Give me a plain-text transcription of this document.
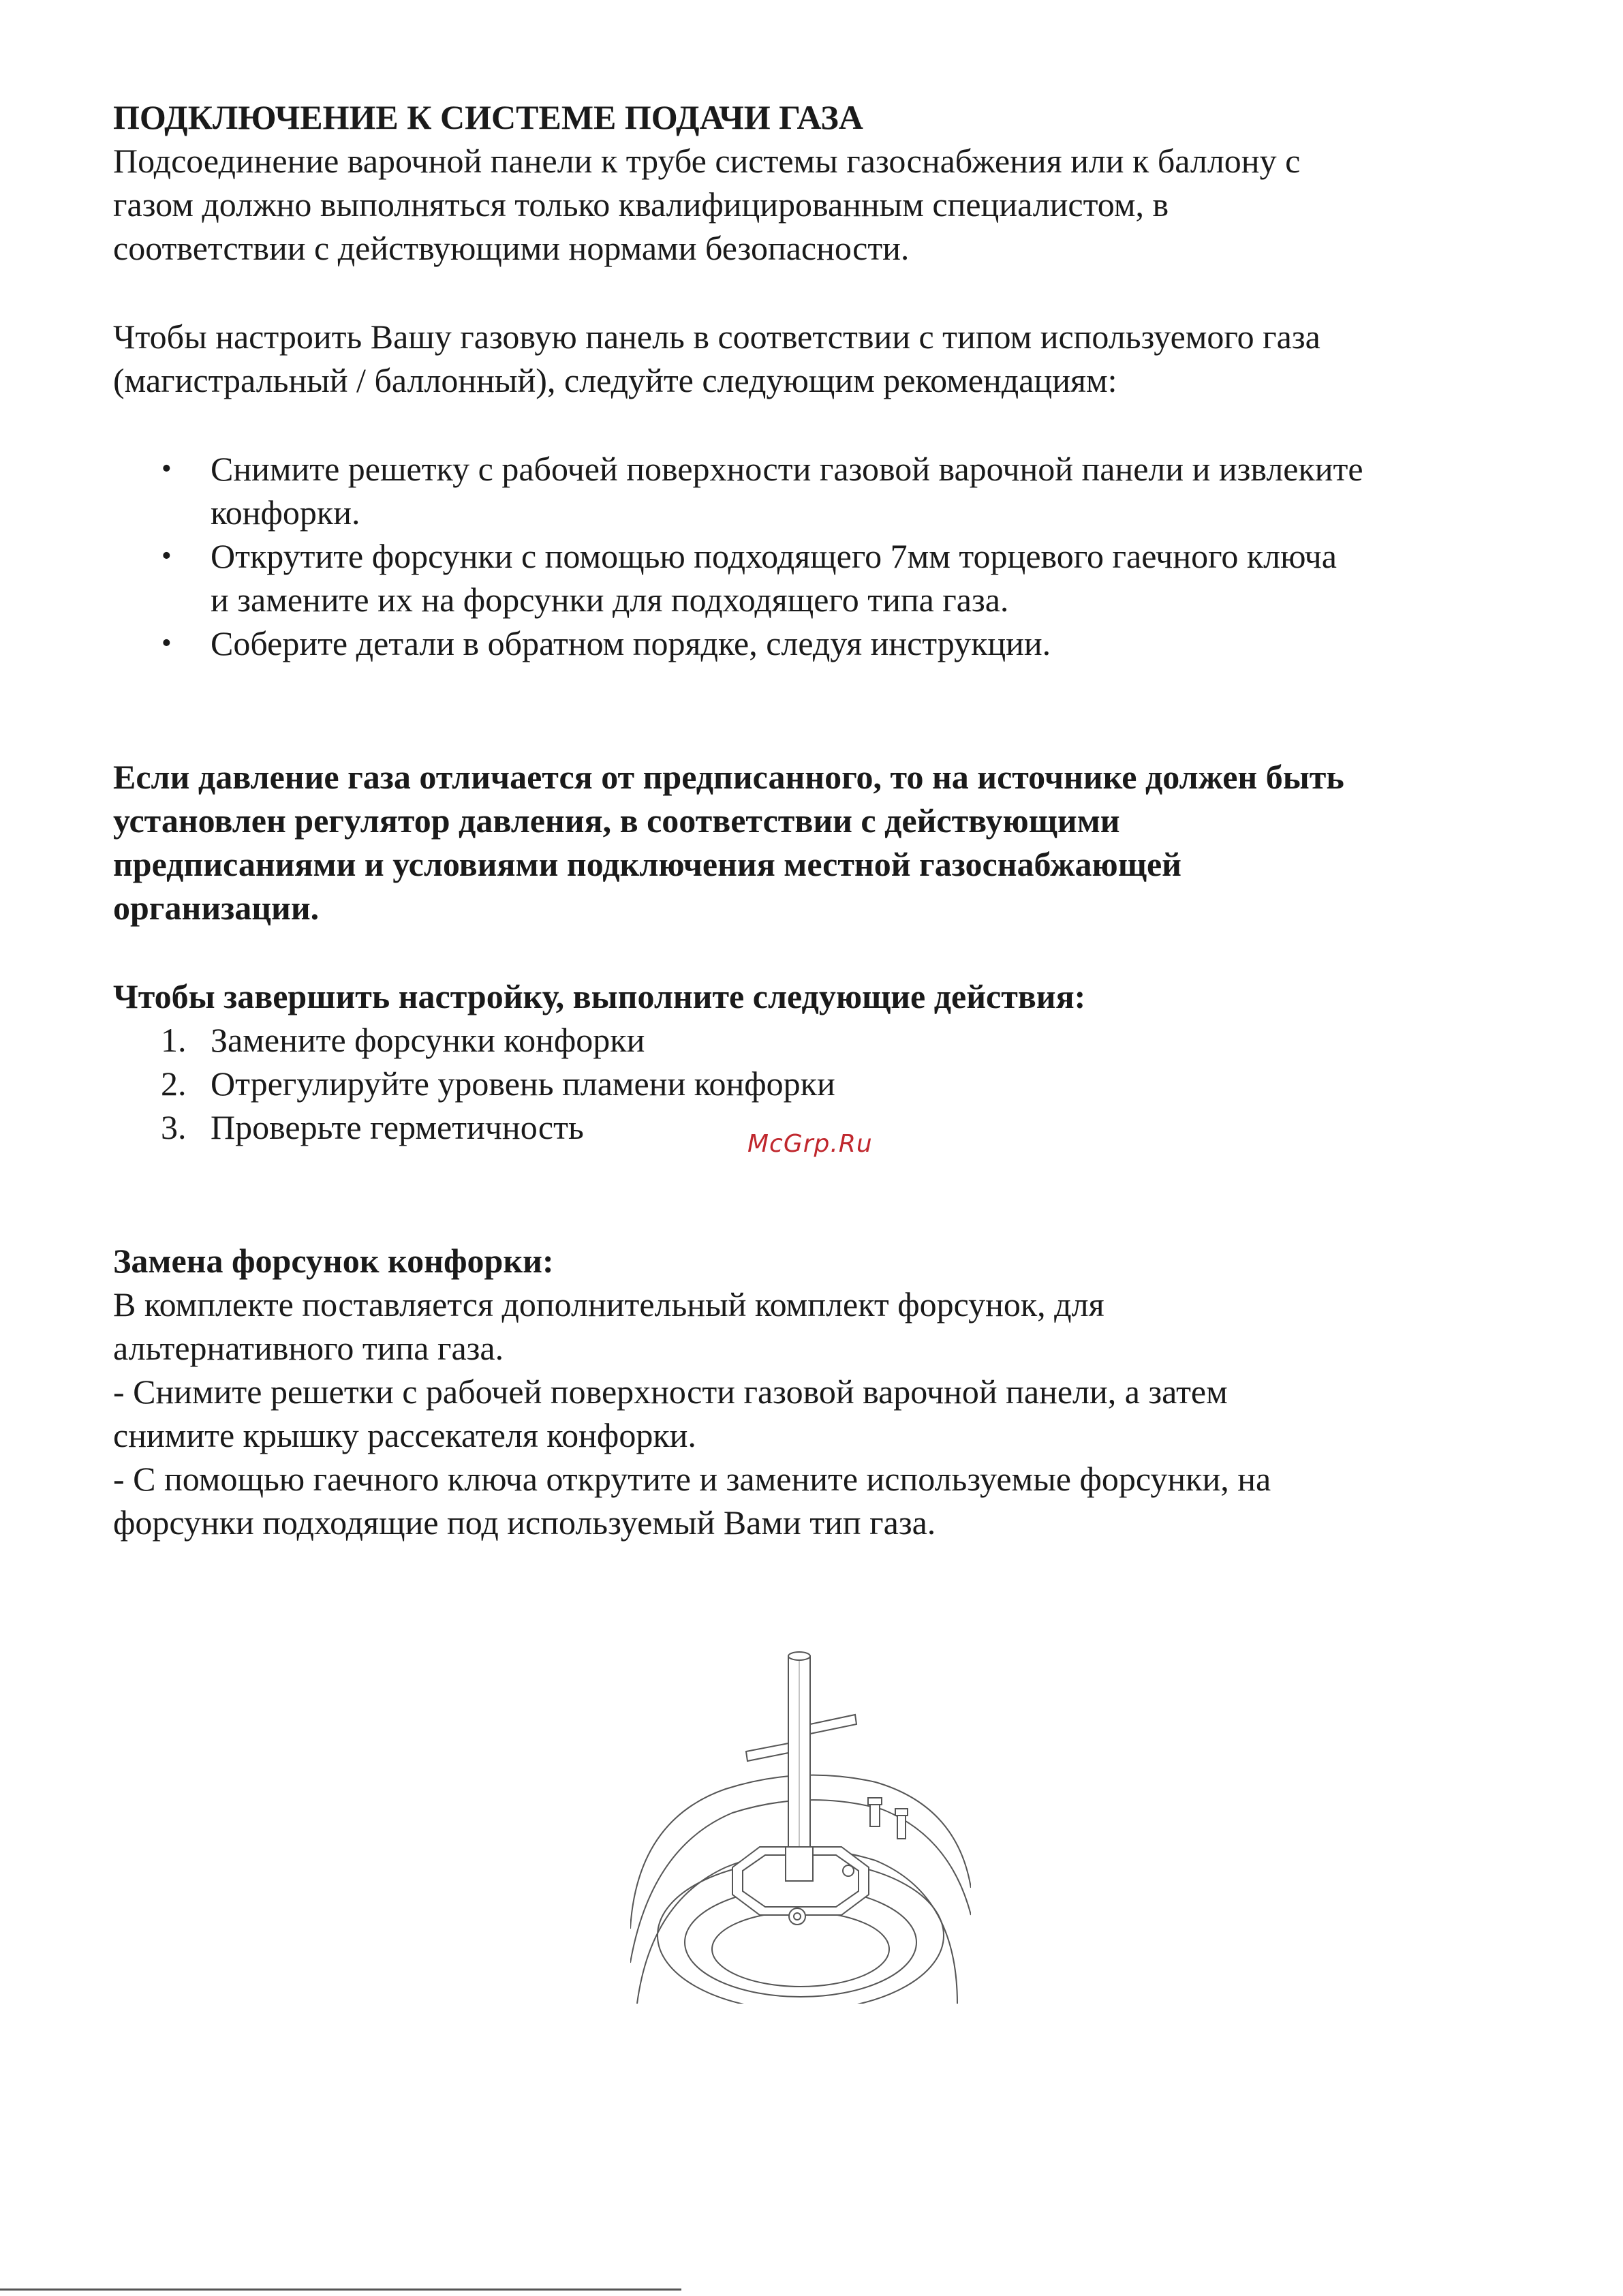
ПОДКЛЮЧЕНИЕ К СИСТЕМЕ ПОДАЧИ ГАЗА

Подсоединение варочной панели к трубе системы газоснабжения или к баллону с

газом должно выполняться только квалифицированным специалистом, в

соответствии с действующими нормами безопасности.

Чтобы настроить Вашу газовую панель в соответствии с типом используемого газа

(магистральный / баллонный), следуйте следующим рекомендациям:

• Снимите решетку с рабочей поверхности газовой варочной панели и извлеките
конфорки.
• Открутите форсунки с помощью подходящего 7мм торцевого гаечного ключа
и замените их на форсунки для подходящего типа газа.
• Соберите детали в обратном порядке, следуя инструкции.

Если давление газа отличается от предписанного, то на источнике должен быть

установлен регулятор давления, в соответствии с действующими

предписаниями и условиями подключения местной газоснабжающей

организации.

Чтобы завершить настройку, выполните следующие действия:
1. Замените форсунки конфорки
2. Отрегулируйте уровень пламени конфорки
3. Проверьте герметичность
Замена форсунок конфорки:

В комплекте поставляется дополнительный комплект форсунок, для

альтернативного типа газа.

- Снимите решетки с рабочей поверхности газовой варочной панели, а затем

снимите крышку рассекателя конфорки.

- С помощью гаечного ключа открутите и замените используемые форсунки, на

форсунки подходящие под используемый Вами тип газа.

McGrp.Ru
